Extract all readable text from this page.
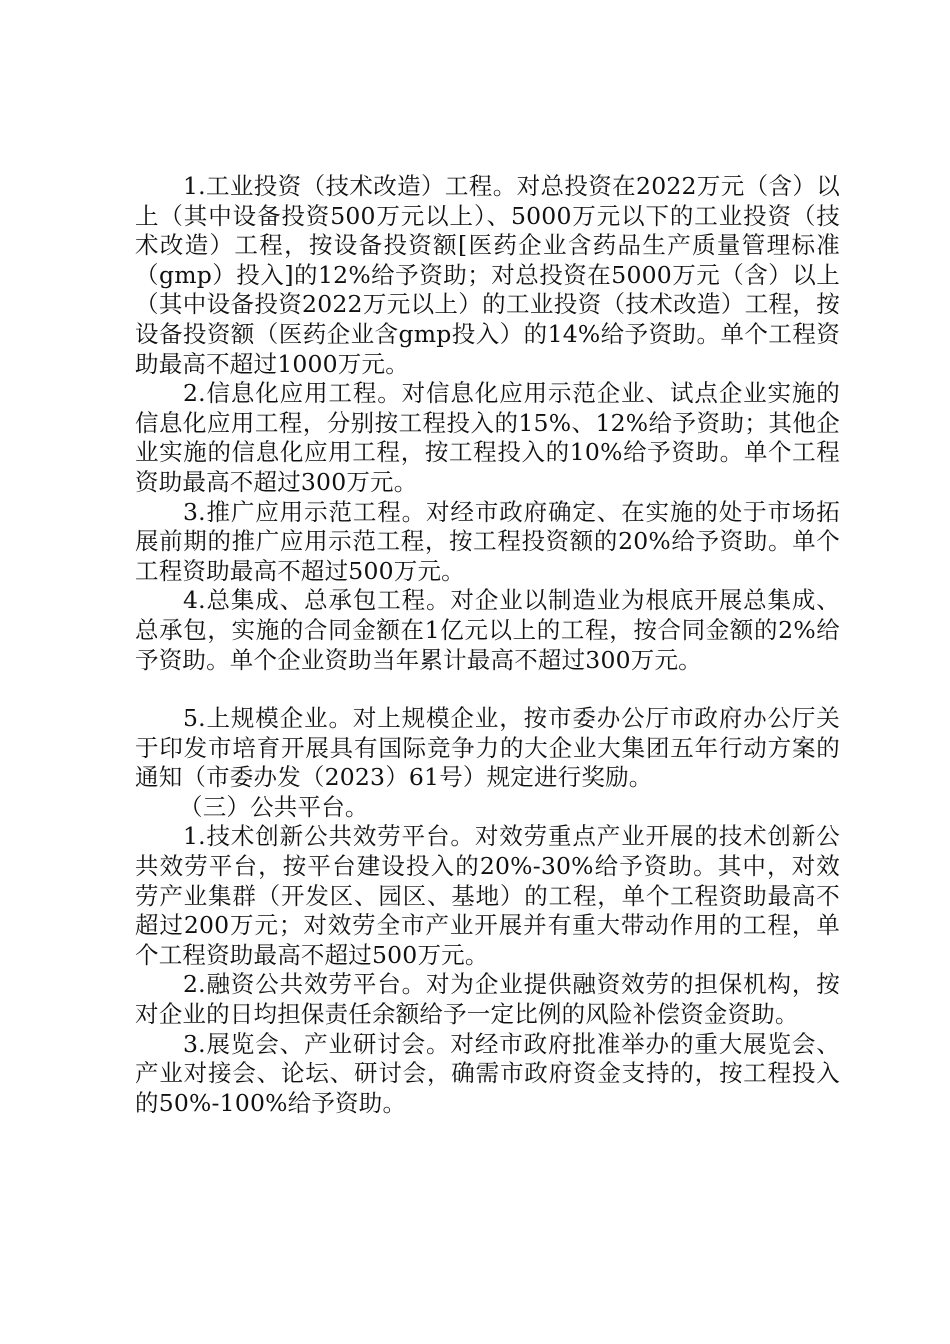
1.工业投资（技术改造）工程。对总投资在2022万元（含）以上（其中设备投资500万元以上）、5000万元以下的工业投资（技术改造）工程，按设备投资额[医药企业含药品生产质量管理标准（gmp）投入]的12%给予资助；对总投资在5000万元（含）以上（其中设备投资2022万元以上）的工业投资（技术改造）工程，按设备投资额（医药企业含gmp投入）的14%给予资助。单个工程资助最高不超过1000万元。

2.信息化应用工程。对信息化应用示范企业、试点企业实施的信息化应用工程，分别按工程投入的15%、12%给予资助；其他企业实施的信息化应用工程，按工程投入的10%给予资助。单个工程资助最高不超过300万元。

3.推广应用示范工程。对经市政府确定、在实施的处于市场拓展前期的推广应用示范工程，按工程投资额的20%给予资助。单个工程资助最高不超过500万元。

4.总集成、总承包工程。对企业以制造业为根底开展总集成、总承包，实施的合同金额在1亿元以上的工程，按合同金额的2%给予资助。单个企业资助当年累计最高不超过300万元。

5.上规模企业。对上规模企业，按市委办公厅市政府办公厅关于印发市培育开展具有国际竞争力的大企业大集团五年行动方案的通知（市委办发（2023）61号）规定进行奖励。

（三）公共平台。

1.技术创新公共效劳平台。对效劳重点产业开展的技术创新公共效劳平台，按平台建设投入的20%-30%给予资助。其中，对效劳产业集群（开发区、园区、基地）的工程，单个工程资助最高不超过200万元；对效劳全市产业开展并有重大带动作用的工程，单个工程资助最高不超过500万元。

2.融资公共效劳平台。对为企业提供融资效劳的担保机构，按对企业的日均担保责任余额给予一定比例的风险补偿资金资助。

3.展览会、产业研讨会。对经市政府批准举办的重大展览会、产业对接会、论坛、研讨会，确需市政府资金支持的，按工程投入的50%-100%给予资助。
